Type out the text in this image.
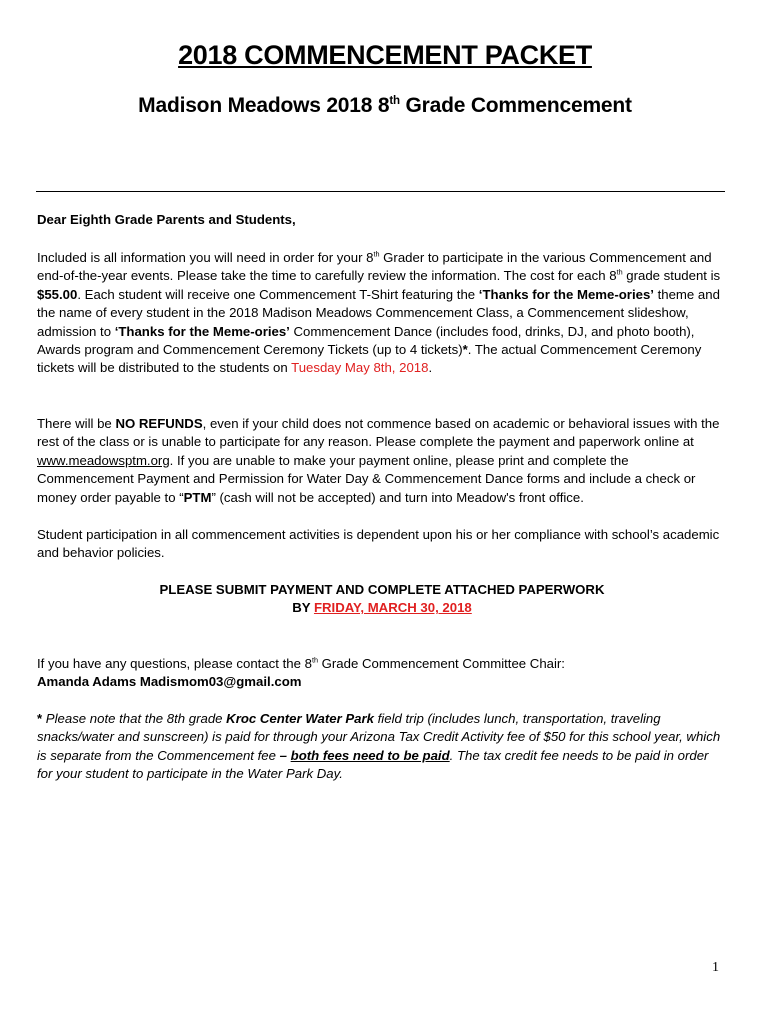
2018 COMMENCEMENT PACKET
Madison Meadows 2018 8th Grade Commencement
Dear Eighth Grade Parents and Students,
Included is all information you will need in order for your 8th Grader to participate in the various Commencement and end-of-the-year events. Please take the time to carefully review the information. The cost for each 8th grade student is $55.00. Each student will receive one Commencement T-Shirt featuring the ‘Thanks for the Meme-ories’ theme and the name of every student in the 2018 Madison Meadows Commencement Class, a Commencement slideshow, admission to ‘Thanks for the Meme-ories’ Commencement Dance (includes food, drinks, DJ, and photo booth), Awards program and Commencement Ceremony Tickets (up to 4 tickets)*. The actual Commencement Ceremony tickets will be distributed to the students on Tuesday May 8th, 2018.
There will be NO REFUNDS, even if your child does not commence based on academic or behavioral issues with the rest of the class or is unable to participate for any reason. Please complete the payment and paperwork online at www.meadowsptm.org. If you are unable to make your payment online, please print and complete the Commencement Payment and Permission for Water Day & Commencement Dance forms and include a check or money order payable to “PTM” (cash will not be accepted) and turn into Meadow's front office.
Student participation in all commencement activities is dependent upon his or her compliance with school’s academic and behavior policies.
PLEASE SUBMIT PAYMENT AND COMPLETE ATTACHED PAPERWORK
BY FRIDAY, MARCH 30, 2018
If you have any questions, please contact the 8th Grade Commencement Committee Chair:
Amanda Adams Madismom03@gmail.com
* Please note that the 8th grade Kroc Center Water Park field trip (includes lunch, transportation, traveling snacks/water and sunscreen) is paid for through your Arizona Tax Credit Activity fee of $50 for this school year, which is separate from the Commencement fee – both fees need to be paid. The tax credit fee needs to be paid in order for your student to participate in the Water Park Day.
1
